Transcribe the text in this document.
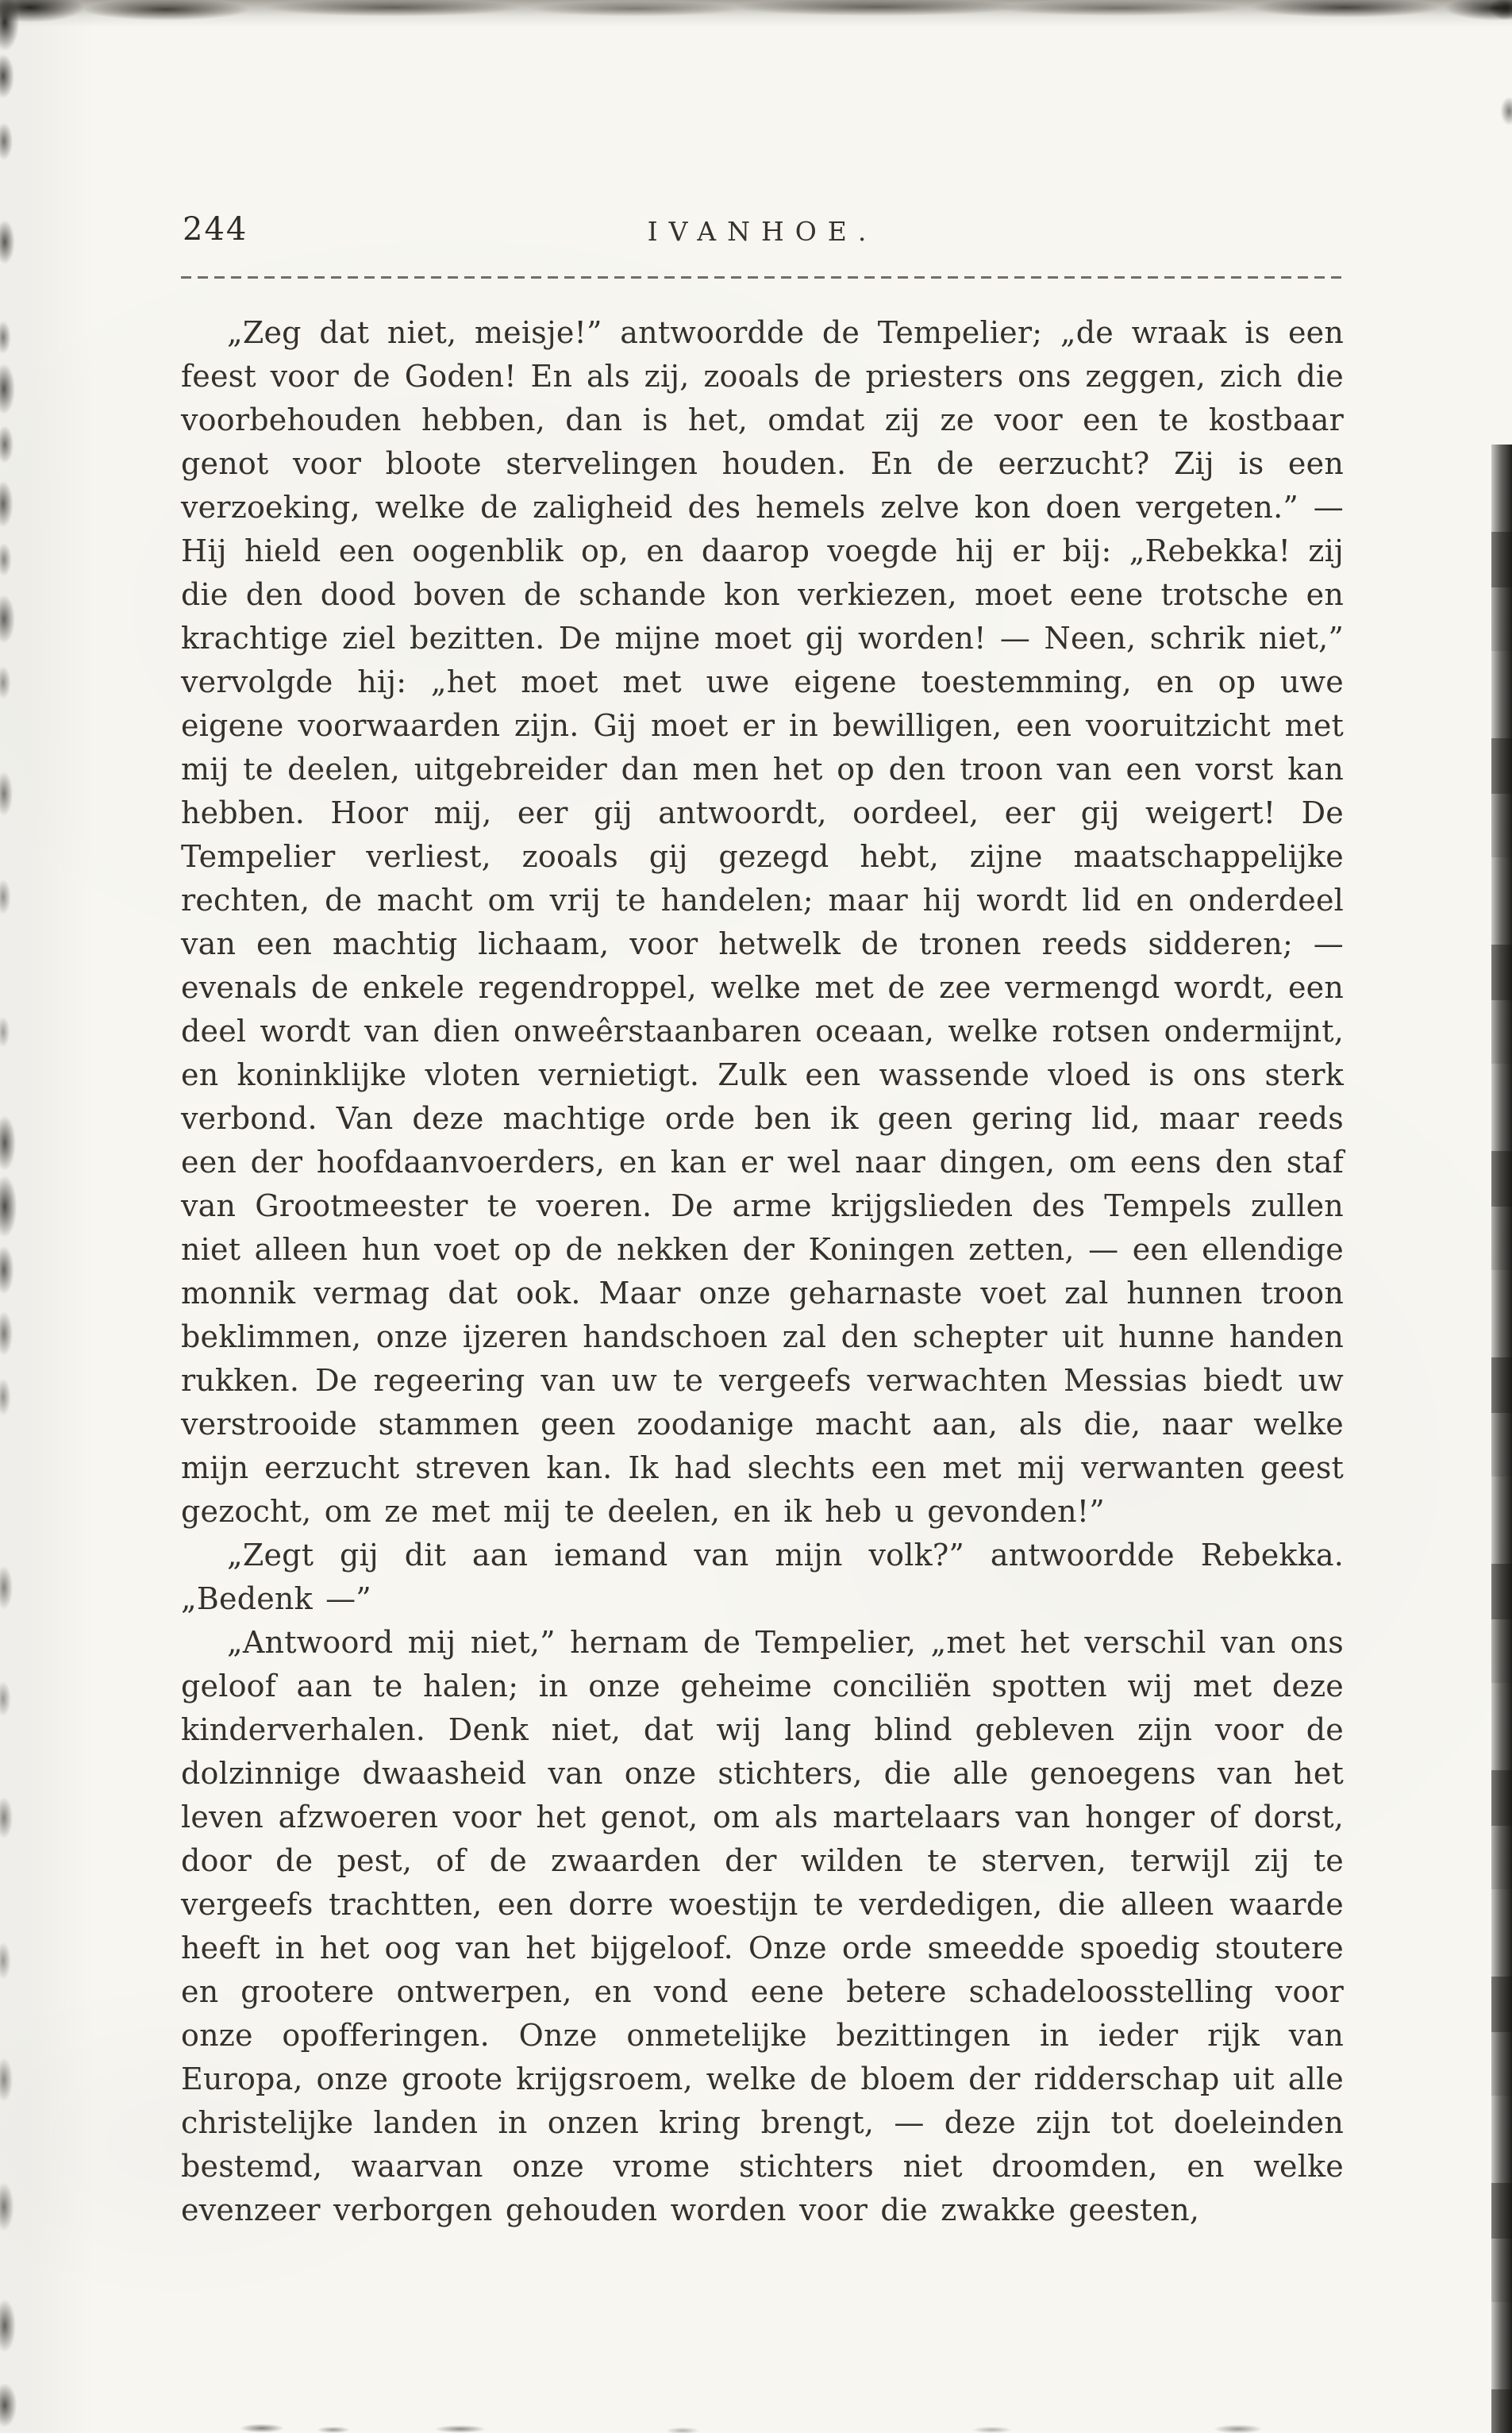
244	IVANHOE.

„Zeg dat niet, meisje!” antwoordde de Tempelier; „de wraak is een feest voor de Goden! En als zij, zooals de priesters ons zeggen, zich die voorbehouden hebben, dan is het, omdat zij ze voor een te kostbaar genot voor bloote stervelingen houden. En de eerzucht? Zij is een verzoeking, welke de zaligheid des hemels zelve kon doen vergeten.” — Hij hield een oogenblik op, en daarop voegde hij er bij: „Rebekka! zij die den dood boven de schande kon verkiezen, moet eene trotsche en krachtige ziel bezitten. De mijne moet gij worden! — Neen, schrik niet,” vervolgde hij: „het moet met uwe eigene toestemming, en op uwe eigene voorwaarden zijn. Gij moet er in bewilligen, een vooruitzicht met mij te deelen, uitgebreider dan men het op den troon van een vorst kan hebben. Hoor mij, eer gij antwoordt, oordeel, eer gij weigert! De Tempelier verliest, zooals gij gezegd hebt, zijne maatschappelijke rechten, de macht om vrij te handelen; maar hij wordt lid en onderdeel van een machtig lichaam, voor hetwelk de tronen reeds sidderen; — evenals de enkele regendroppel, welke met de zee vermengd wordt, een deel wordt van dien onweêrstaanbaren oceaan, welke rotsen ondermijnt, en koninklijke vloten vernietigt. Zulk een wassende vloed is ons sterk verbond. Van deze machtige orde ben ik geen gering lid, maar reeds een der hoofdaanvoerders, en kan er wel naar dingen, om eens den staf van Grootmeester te voeren. De arme krijgslieden des Tempels zullen niet alleen hun voet op de nekken der Koningen zetten, — een ellendige monnik vermag dat ook. Maar onze geharnaste voet zal hunnen troon beklimmen, onze ijzeren handschoen zal den schepter uit hunne handen rukken. De regeering van uw te vergeefs verwachten Messias biedt uw verstrooide stammen geen zoodanige macht aan, als die, naar welke mijn eerzucht streven kan. Ik had slechts een met mij verwanten geest gezocht, om ze met mij te deelen, en ik heb u gevonden!”

„Zegt gij dit aan iemand van mijn volk?” antwoordde Rebekka. „Bedenk —”

„Antwoord mij niet,” hernam de Tempelier, „met het verschil van ons geloof aan te halen; in onze geheime conciliën spotten wij met deze kinderverhalen. Denk niet, dat wij lang blind gebleven zijn voor de dolzinnige dwaasheid van onze stichters, die alle genoegens van het leven afzwoeren voor het genot, om als martelaars van honger of dorst, door de pest, of de zwaarden der wilden te sterven, terwijl zij te vergeefs trachtten, een dorre woestijn te verdedigen, die alleen waarde heeft in het oog van het bijgeloof. Onze orde smeedde spoedig stoutere en grootere ontwerpen, en vond eene betere schadeloosstelling voor onze opofferingen. Onze onmetelijke bezittingen in ieder rijk van Europa, onze groote krijgsroem, welke de bloem der ridderschap uit alle christelijke landen in onzen kring brengt, — deze zijn tot doeleinden bestemd, waarvan onze vrome stichters niet droomden, en welke evenzeer verborgen gehouden worden voor die zwakke geesten,
